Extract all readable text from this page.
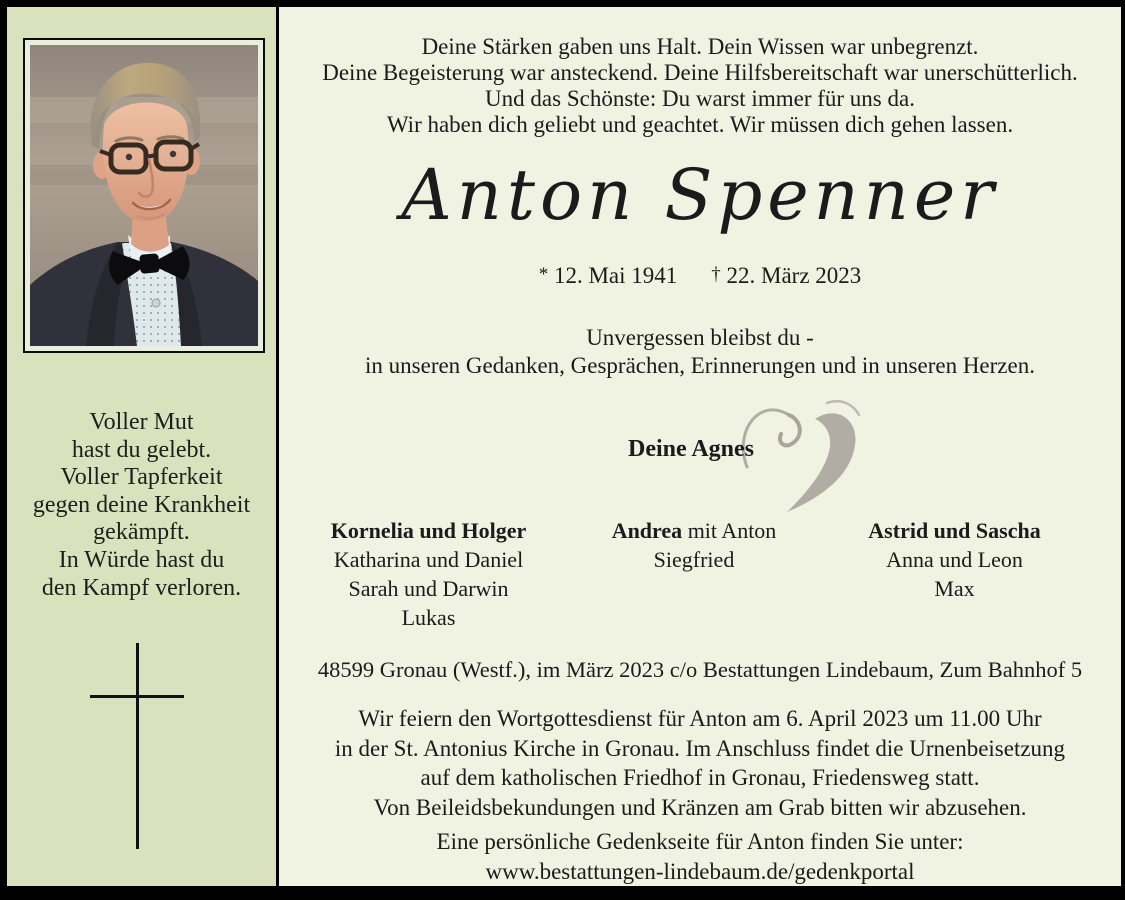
Voller Mut
hast du gelebt.
Voller Tapferkeit
gegen deine Krankheit
gekämpft.
In Würde hast du
den Kampf verloren.
Deine Stärken gaben uns Halt. Dein Wissen war unbegrenzt.
Deine Begeisterung war ansteckend. Deine Hilfsbereitschaft war unerschütterlich.
Und das Schönste: Du warst immer für uns da.
Wir haben dich geliebt und geachtet. Wir müssen dich gehen lassen.
Anton Spenner
* 12. Mai 1941 † 22. März 2023
Unvergessen bleibst du -
in unseren Gedanken, Gesprächen, Erinnerungen und in unseren Herzen.
Deine Agnes
Kornelia und Holger
Katharina und Daniel
Sarah und Darwin
Lukas
Andrea mit Anton
Siegfried
Astrid und Sascha
Anna und Leon
Max
48599 Gronau (Westf.), im März 2023 c/o Bestattungen Lindebaum, Zum Bahnhof 5
Wir feiern den Wortgottesdienst für Anton am 6. April 2023 um 11.00 Uhr
in der St. Antonius Kirche in Gronau. Im Anschluss findet die Urnenbeisetzung
auf dem katholischen Friedhof in Gronau, Friedensweg statt.
Von Beileidsbekundungen und Kränzen am Grab bitten wir abzusehen.
Eine persönliche Gedenkseite für Anton finden Sie unter:
www.bestattungen-lindebaum.de/gedenkportal
